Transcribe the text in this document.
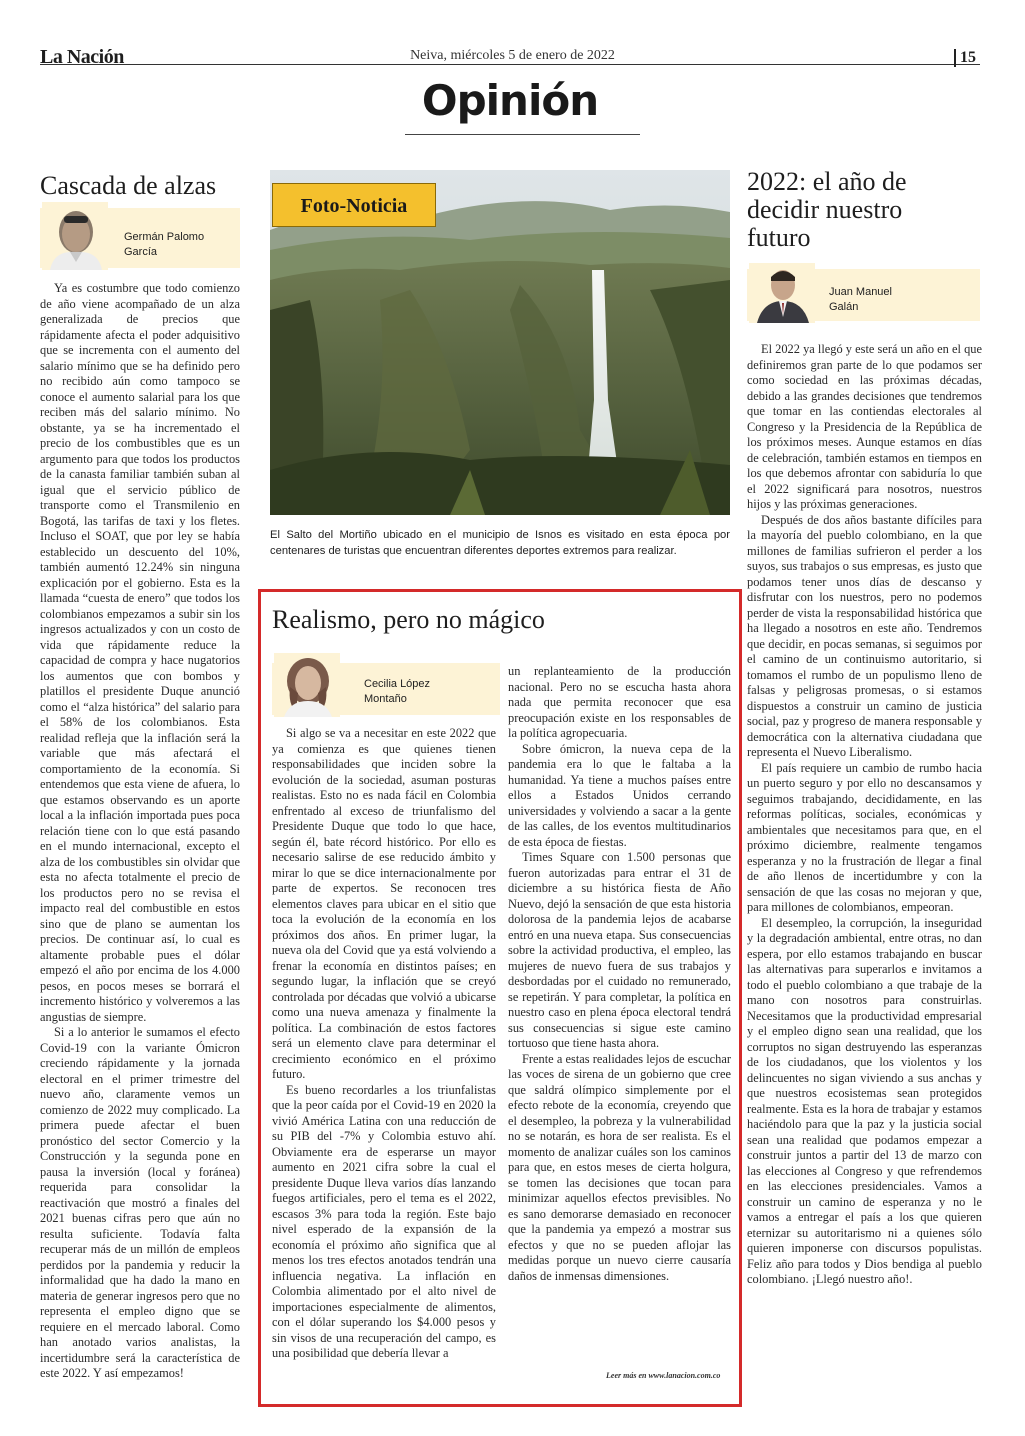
La Nación	Neiva, miércoles 5 de enero de 2022	15
Opinión
Cascada de alzas
Germán Palomo
García

Ya es costumbre que todo comienzo de año viene acompañado de un alza generalizada de precios que rápidamente afecta el poder adquisitivo que se incrementa con el aumento del salario mínimo que se ha definido pero no recibido aún como tampoco se conoce el aumento salarial para los que reciben más del salario mínimo. No obstante, ya se ha incrementado el precio de los combustibles que es un argumento para que todos los productos de la canasta familiar también suban al igual que el servicio público de transporte como el Transmilenio en Bogotá, las tarifas de taxi y los fletes. Incluso el SOAT, que por ley se había establecido un descuento del 10%, también aumentó 12.24% sin ninguna explicación por el gobierno. Esta es la llamada “cuesta de enero” que todos los colombianos empezamos a subir sin los ingresos actualizados y con un costo de vida que rápidamente reduce la capacidad de compra y hace nugatorios los aumentos que con bombos y platillos el presidente Duque anunció como el “alza histórica” del salario para el 58% de los colombianos. Esta realidad refleja que la inflación será la variable que más afectará el comportamiento de la economía. Si entendemos que esta viene de afuera, lo que estamos observando es un aporte local a la inflación importada pues poca relación tiene con lo que está pasando en el mundo internacional, excepto el alza de los combustibles sin olvidar que esta no afecta totalmente el precio de los productos pero no se revisa el impacto real del combustible en estos sino que de plano se aumentan los precios. De continuar así, lo cual es altamente probable pues el dólar empezó el año por encima de los 4.000 pesos, en pocos meses se borrará el incremento histórico y volveremos a las angustias de siempre.

Si a lo anterior le sumamos el efecto Covid-19 con la variante Ómicron creciendo rápidamente y la jornada electoral en el primer trimestre del nuevo año, claramente vemos un comienzo de 2022 muy complicado. La primera puede afectar el buen pronóstico del sector Comercio y la Construcción y la segunda pone en pausa la inversión (local y foránea) requerida para consolidar la reactivación que mostró a finales del 2021 buenas cifras pero que aún no resulta suficiente. Todavía falta recuperar más de un millón de empleos perdidos por la pandemia y reducir la informalidad que ha dado la mano en materia de generar ingresos pero que no representa el empleo digno que se requiere en el mercado laboral. Como han anotado varios analistas, la incertidumbre será la característica de este 2022. Y así empezamos!

Foto-Noticia
El Salto del Mortiño ubicado en el municipio de Isnos es visitado en esta época por centenares de turistas que encuentran diferentes deportes extremos para realizar.
Realismo, pero no mágico
Cecilia López
Montaño

Si algo se va a necesitar en este 2022 que ya comienza es que quienes tienen responsabilidades que inciden sobre la evolución de la sociedad, asuman posturas realistas. Esto no es nada fácil en Colombia enfrentado al exceso de triunfalismo del Presidente Duque que todo lo que hace, según él, bate récord histórico. Por ello es necesario salirse de ese reducido ámbito y mirar lo que se dice internacionalmente por parte de expertos. Se reconocen tres elementos claves para ubicar en el sitio que toca la evolución de la economía en los próximos dos años. En primer lugar, la nueva ola del Covid que ya está volviendo a frenar la economía en distintos países; en segundo lugar, la inflación que se creyó controlada por décadas que volvió a ubicarse como una nueva amenaza y finalmente la política. La combinación de estos factores será un elemento clave para determinar el crecimiento económico en el próximo futuro.

Es bueno recordarles a los triunfalistas que la peor caída por el Covid-19 en 2020 la vivió América Latina con una reducción de su PIB del -7% y Colombia estuvo ahí. Obviamente era de esperarse un mayor aumento en 2021 cifra sobre la cual el presidente Duque lleva varios días lanzando fuegos artificiales, pero el tema es el 2022, escasos 3% para toda la región. Este bajo nivel esperado de la expansión de la economía el próximo año significa que al menos los tres efectos anotados tendrán una influencia negativa. La inflación en Colombia alimentado por el alto nivel de importaciones especialmente de alimentos, con el dólar superando los $4.000 pesos y sin visos de una recuperación del campo, es una posibilidad que debería llevar a

un replanteamiento de la producción nacional. Pero no se escucha hasta ahora nada que permita reconocer que esa preocupación existe en los responsables de la política agropecuaria.

Sobre ómicron, la nueva cepa de la pandemia era lo que le faltaba a la humanidad. Ya tiene a muchos países entre ellos a Estados Unidos cerrando universidades y volviendo a sacar a la gente de las calles, de los eventos multitudinarios de esta época de fiestas.

Times Square con 1.500 personas que fueron autorizadas para entrar el 31 de diciembre a su histórica fiesta de Año Nuevo, dejó la sensación de que esta historia dolorosa de la pandemia lejos de acabarse entró en una nueva etapa. Sus consecuencias sobre la actividad productiva, el empleo, las mujeres de nuevo fuera de sus trabajos y desbordadas por el cuidado no remunerado, se repetirán. Y para completar, la política en nuestro caso en plena época electoral tendrá sus consecuencias si sigue este camino tortuoso que tiene hasta ahora.

Frente a estas realidades lejos de escuchar las voces de sirena de un gobierno que cree que saldrá olímpico simplemente por el efecto rebote de la economía, creyendo que el desempleo, la pobreza y la vulnerabilidad no se notarán, es hora de ser realista. Es el momento de analizar cuáles son los caminos para que, en estos meses de cierta holgura, se tomen las decisiones que tocan para minimizar aquellos efectos previsibles. No es sano demorarse demasiado en reconocer que la pandemia ya empezó a mostrar sus efectos y que no se pueden aflojar las medidas porque un nuevo cierre causaría daños de inmensas dimensiones.

Leer más en www.lanacion.com.co
2022: el año de
decidir nuestro
futuro
Juan Manuel
Galán

El 2022 ya llegó y este será un año en el que definiremos gran parte de lo que podamos ser como sociedad en las próximas décadas, debido a las grandes decisiones que tendremos que tomar en las contiendas electorales al Congreso y la Presidencia de la República de los próximos meses. Aunque estamos en días de celebración, también estamos en tiempos en los que debemos afrontar con sabiduría lo que el 2022 significará para nosotros, nuestros hijos y las próximas generaciones.

Después de dos años bastante difíciles para la mayoría del pueblo colombiano, en la que millones de familias sufrieron el perder a los suyos, sus trabajos o sus empresas, es justo que podamos tener unos días de descanso y disfrutar con los nuestros, pero no podemos perder de vista la responsabilidad histórica que ha llegado a nosotros en este año. Tendremos que decidir, en pocas semanas, si seguimos por el camino de un continuismo autoritario, si tomamos el rumbo de un populismo lleno de falsas y peligrosas promesas, o si estamos dispuestos a construir un camino de justicia social, paz y progreso de manera responsable y democrática con la alternativa ciudadana que representa el Nuevo Liberalismo.

El país requiere un cambio de rumbo hacia un puerto seguro y por ello no descansamos y seguimos trabajando, decididamente, en las reformas políticas, sociales, económicas y ambientales que necesitamos para que, en el próximo diciembre, realmente tengamos esperanza y no la frustración de llegar a final de año llenos de incertidumbre y con la sensación de que las cosas no mejoran y que, para millones de colombianos, empeoran.

El desempleo, la corrupción, la inseguridad y la degradación ambiental, entre otras, no dan espera, por ello estamos trabajando en buscar las alternativas para superarlos e invitamos a todo el pueblo colombiano a que trabaje de la mano con nosotros para construirlas. Necesitamos que la productividad empresarial y el empleo digno sean una realidad, que los corruptos no sigan destruyendo las esperanzas de los ciudadanos, que los violentos y los delincuentes no sigan viviendo a sus anchas y que nuestros ecosistemas sean protegidos realmente. Esta es la hora de trabajar y estamos haciéndolo para que la paz y la justicia social sean una realidad que podamos empezar a construir juntos a partir del 13 de marzo con las elecciones al Congreso y que refrendemos en las elecciones presidenciales. Vamos a construir un camino de esperanza y no le vamos a entregar el país a los que quieren eternizar su autoritarismo ni a quienes sólo quieren imponerse con discursos populistas. Feliz año para todos y Dios bendiga al pueblo colombiano. ¡Llegó nuestro año!.
